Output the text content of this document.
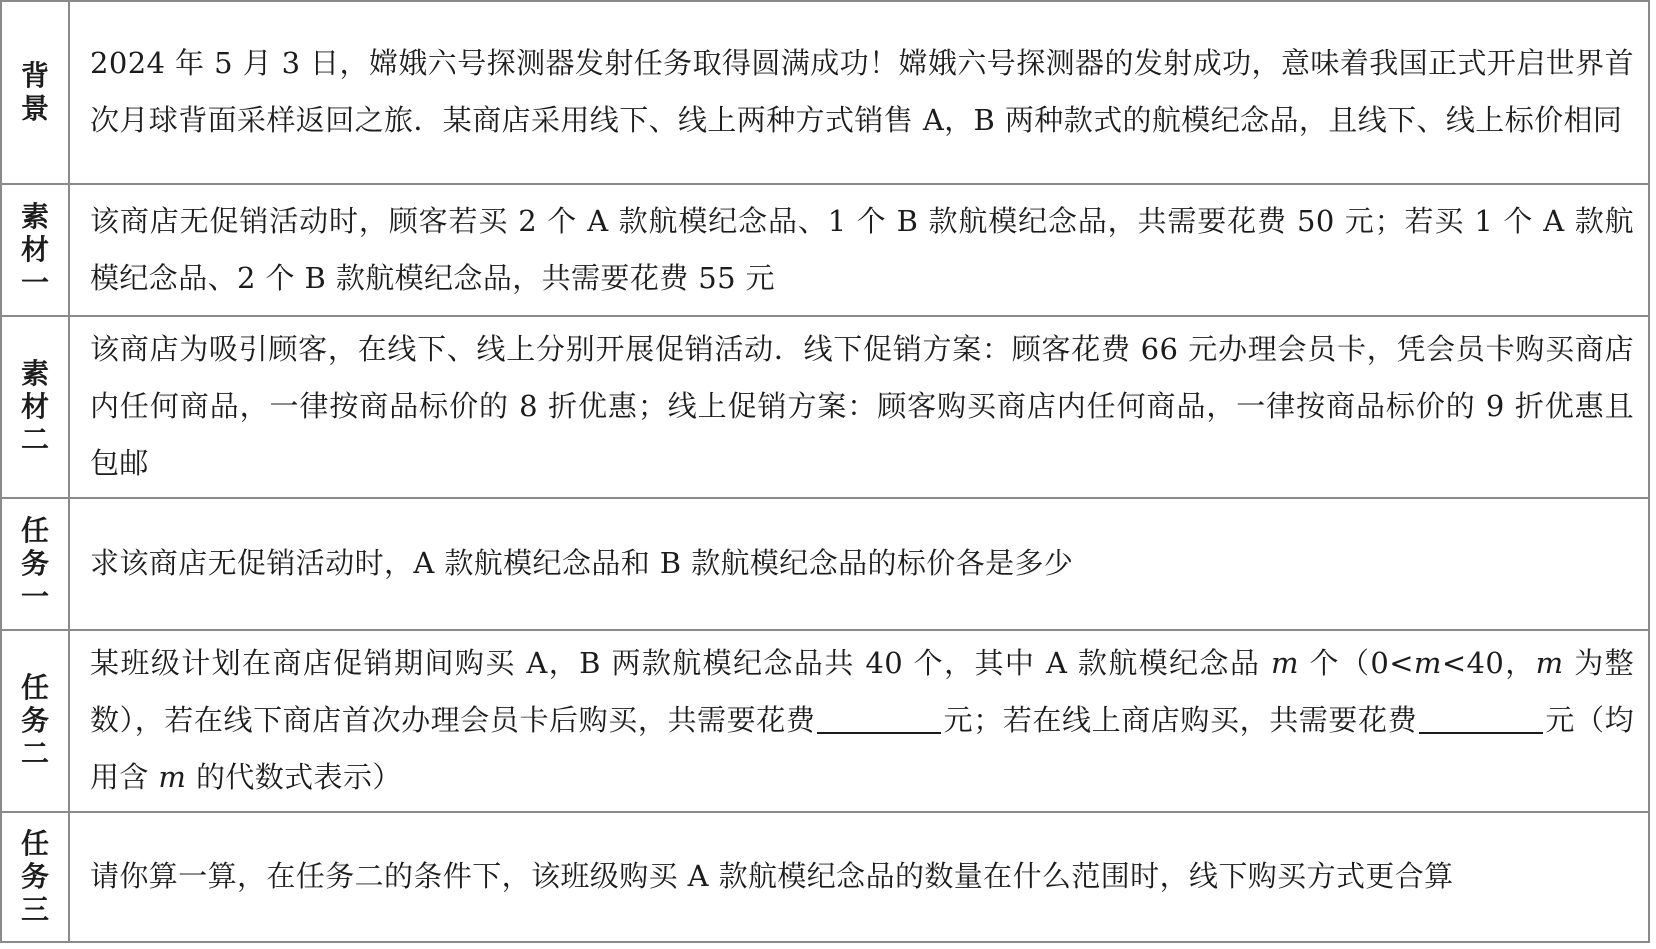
背景	2024 年 5 月 3 日，嫦娥六号探测器发射任务取得圆满成功！嫦娥六号探测器的发射成功，意味着我国正式开启世界首次月球背面采样返回之旅．某商店采用线下、线上两种方式销售 A，B 两种款式的航模纪念品，且线下、线上标价相同

素材一	该商店无促销活动时，顾客若买 2 个 A 款航模纪念品、1 个 B 款航模纪念品，共需要花费 50 元；若买 1 个 A 款航模纪念品、2 个 B 款航模纪念品，共需要花费 55 元

素材二	该商店为吸引顾客，在线下、线上分别开展促销活动．线下促销方案：顾客花费 66 元办理会员卡，凭会员卡购买商店内任何商品，一律按商品标价的 8 折优惠；线上促销方案：顾客购买商店内任何商品，一律按商品标价的 9 折优惠且包邮

任务一	求该商店无促销活动时，A 款航模纪念品和 B 款航模纪念品的标价各是多少

任务二	某班级计划在商店促销期间购买 A，B 两款航模纪念品共 40 个，其中 A 款航模纪念品 m 个（0<m<40，m 为整数），若在线下商店首次办理会员卡后购买，共需要花费 元；若在线上商店购买，共需要花费 元（均用含 m 的代数式表示）

任务三	请你算一算，在任务二的条件下，该班级购买 A 款航模纪念品的数量在什么范围时，线下购买方式更合算
